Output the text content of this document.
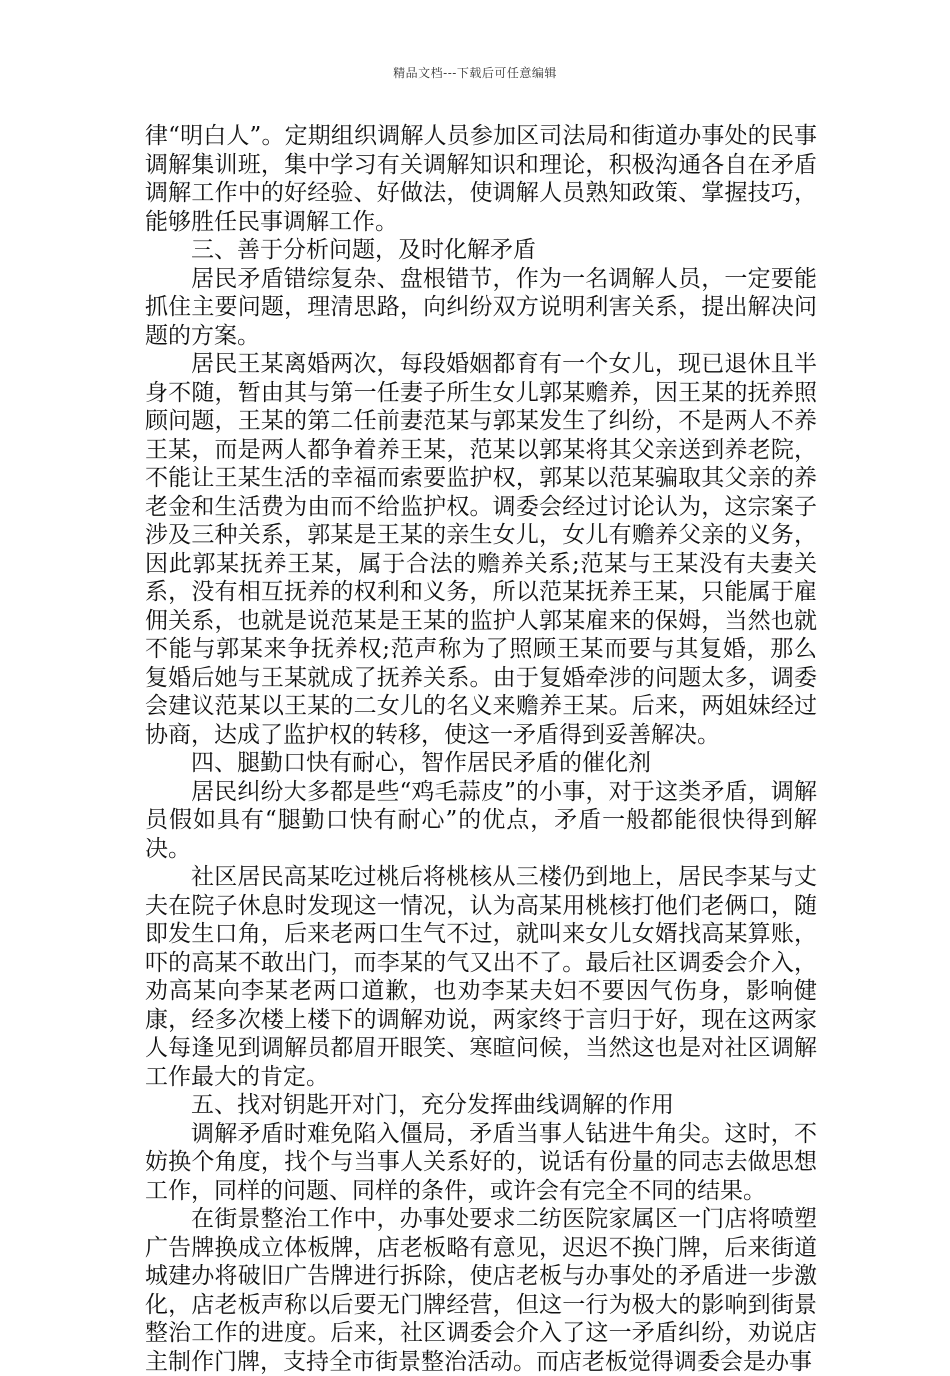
精品文档---下载后可任意编辑

律“明白人”。定期组织调解人员参加区司法局和街道办事处的民事调解集训班，集中学习有关调解知识和理论，积极沟通各自在矛盾调解工作中的好经验、好做法，使调解人员熟知政策、掌握技巧，能够胜任民事调解工作。

三、善于分析问题，及时化解矛盾

居民矛盾错综复杂、盘根错节，作为一名调解人员，一定要能抓住主要问题，理清思路，向纠纷双方说明利害关系，提出解决问题的方案。

居民王某离婚两次，每段婚姻都育有一个女儿，现已退休且半身不随，暂由其与第一任妻子所生女儿郭某赡养，因王某的抚养照顾问题，王某的第二任前妻范某与郭某发生了纠纷，不是两人不养王某，而是两人都争着养王某，范某以郭某将其父亲送到养老院，不能让王某生活的幸福而索要监护权，郭某以范某骗取其父亲的养老金和生活费为由而不给监护权。调委会经过讨论认为，这宗案子涉及三种关系，郭某是王某的亲生女儿，女儿有赡养父亲的义务，因此郭某抚养王某，属于合法的赡养关系;范某与王某没有夫妻关系，没有相互抚养的权利和义务，所以范某抚养王某，只能属于雇佣关系，也就是说范某是王某的监护人郭某雇来的保姆，当然也就不能与郭某来争抚养权;范声称为了照顾王某而要与其复婚，那么复婚后她与王某就成了抚养关系。由于复婚牵涉的问题太多，调委会建议范某以王某的二女儿的名义来赡养王某。后来，两姐妹经过协商，达成了监护权的转移，使这一矛盾得到妥善解决。

四、腿勤口快有耐心，智作居民矛盾的催化剂

居民纠纷大多都是些“鸡毛蒜皮”的小事，对于这类矛盾，调解员假如具有“腿勤口快有耐心”的优点，矛盾一般都能很快得到解决。

社区居民高某吃过桃后将桃核从三楼仍到地上，居民李某与丈夫在院子休息时发现这一情况，认为高某用桃核打他们老俩口，随即发生口角，后来老两口生气不过，就叫来女儿女婿找高某算账，吓的高某不敢出门，而李某的气又出不了。最后社区调委会介入，劝高某向李某老两口道歉，也劝李某夫妇不要因气伤身，影响健康，经多次楼上楼下的调解劝说，两家终于言归于好，现在这两家人每逢见到调解员都眉开眼笑、寒暄问候，当然这也是对社区调解工作最大的肯定。

五、找对钥匙开对门，充分发挥曲线调解的作用

调解矛盾时难免陷入僵局，矛盾当事人钻进牛角尖。这时，不妨换个角度，找个与当事人关系好的，说话有份量的同志去做思想工作，同样的问题、同样的条件，或许会有完全不同的结果。

在街景整治工作中，办事处要求二纺医院家属区一门店将喷塑广告牌换成立体板牌，店老板略有意见，迟迟不换门牌，后来街道城建办将破旧广告牌进行拆除，使店老板与办事处的矛盾进一步激化，店老板声称以后要无门牌经营，但这一行为极大的影响到街景整治工作的进度。后来，社区调委会介入了这一矛盾纠纷，劝说店主制作门牌，支持全市街景整治活动。而店老板觉得调委会是办事
